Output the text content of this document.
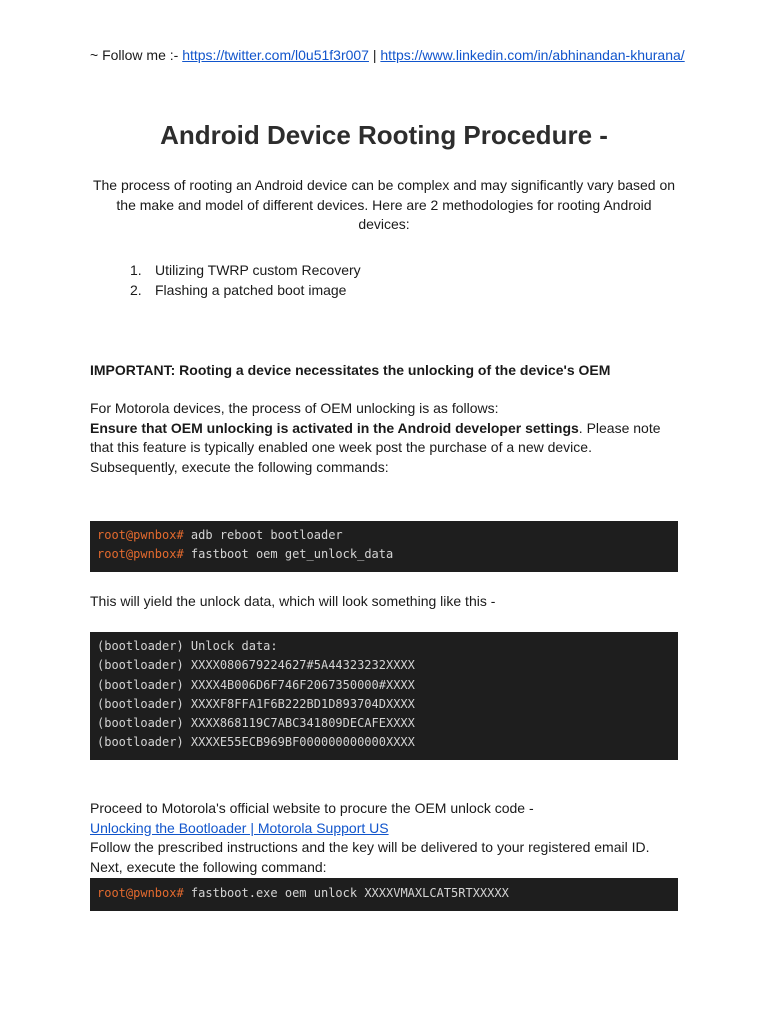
~ Follow me :- https://twitter.com/l0u51f3r007 | https://www.linkedin.com/in/abhinandan-khurana/
Android Device Rooting Procedure -

The process of rooting an Android device can be complex and may significantly vary based on the make and model of different devices. Here are 2 methodologies for rooting Android devices:

1. Utilizing TWRP custom Recovery
2. Flashing a patched boot image

IMPORTANT: Rooting a device necessitates the unlocking of the device's OEM

For Motorola devices, the process of OEM unlocking is as follows:
Ensure that OEM unlocking is activated in the Android developer settings. Please note that this feature is typically enabled one week post the purchase of a new device.
Subsequently, execute the following commands:
root@pwnbox# adb reboot bootloader
root@pwnbox# fastboot oem get_unlock_data

This will yield the unlock data, which will look something like this -

(bootloader) Unlock data:
(bootloader) XXXX080679224627#5A44323232XXXX
(bootloader) XXXX4B006D6F746F2067350000#XXXX
(bootloader) XXXXF8FFA1F6B222BD1D893704DXXXX
(bootloader) XXXX868119C7ABC341809DECAFEXXXX
(bootloader) XXXXE55ECB969BF000000000000XXXX
Proceed to Motorola's official website to procure the OEM unlock code -
Unlocking the Bootloader | Motorola Support US
Follow the prescribed instructions and the key will be delivered to your registered email ID.
Next, execute the following command:
root@pwnbox# fastboot.exe oem unlock XXXXVMAXLCAT5RTXXXXX
